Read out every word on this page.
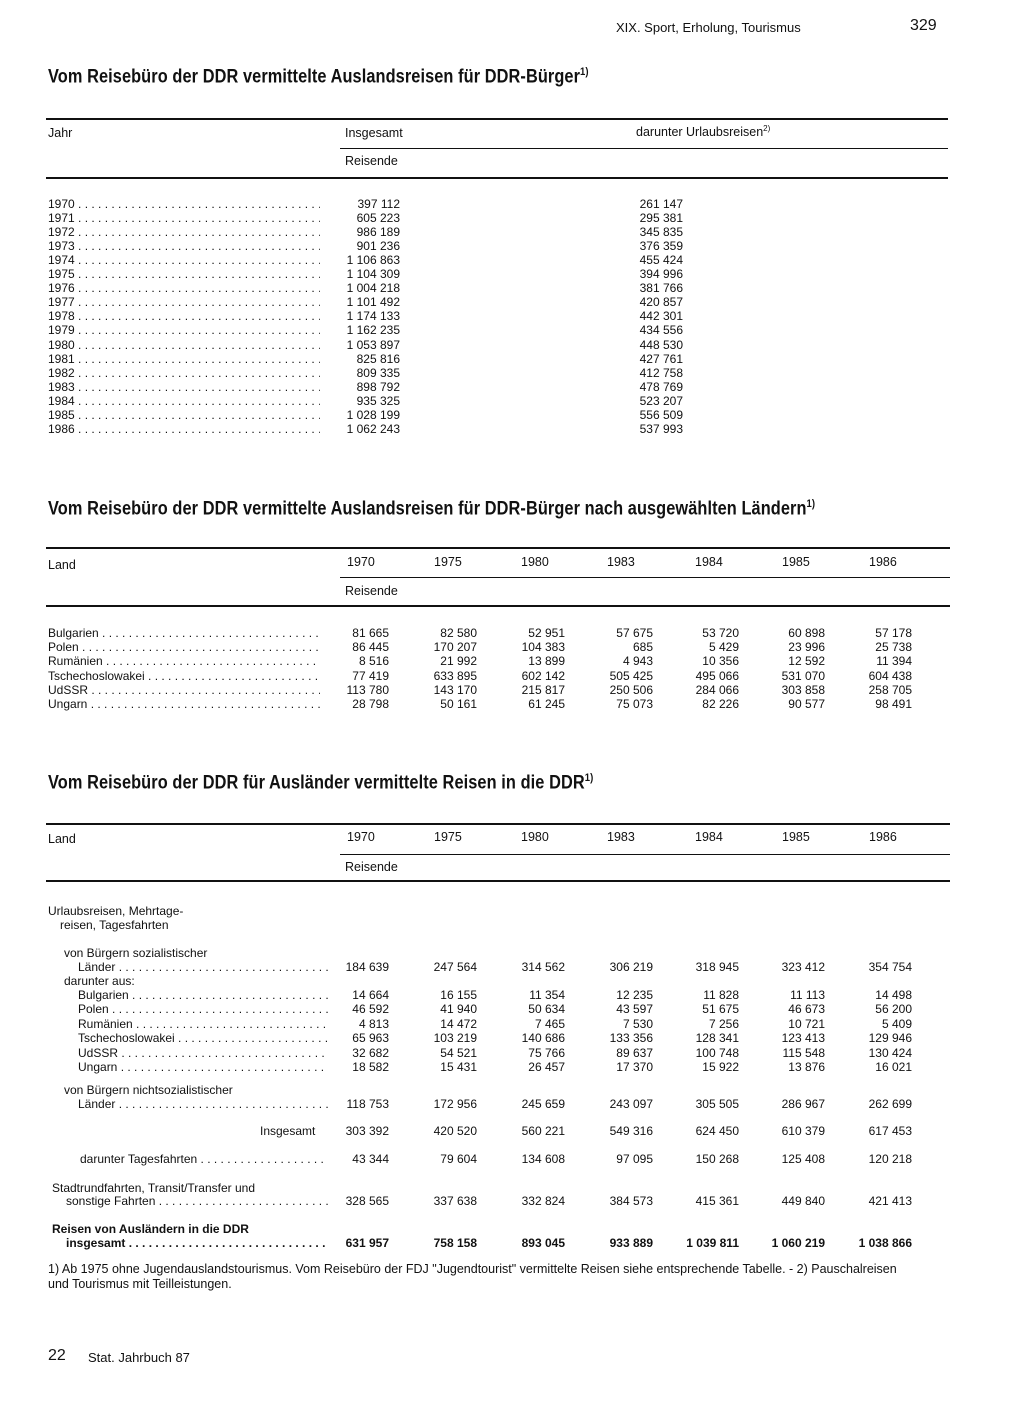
XIX. Sport, Erholung, Tourismus	329
Vom Reisebüro der DDR vermittelte Auslandsreisen für DDR-Bürger$^{1)}$
Jahr	Insgesamt	darunter Urlaubsreisen$^{2)}$
Reisende
1970 . . .	397 112	261 147
1971 . . .	605 223	295 381
1972 . . .	986 189	345 835
1973 . . .	901 236	376 359
1974 . . .	1 106 863	455 424
1975 . . .	1 104 309	394 996
1976 . . .	1 004 218	381 766
1977 . . .	1 101 492	420 857
1978 . . .	1 174 133	442 301
1979 . . .	1 162 235	434 556
1980 . . .	1 053 897	448 530
1981 . . .	825 816	427 761
1982 . . .	809 335	412 758
1983 . . .	898 792	478 769
1984 . . .	935 325	523 207
1985 . . .	1 028 199	556 509
1986 . . .	1 062 243	537 993
Vom Reisebüro der DDR vermittelte Auslandsreisen für DDR-Bürger nach ausgewählten Ländern$^{1)}$
Land	1970	1975	1980	1983	1984	1985	1986
Reisende
Bulgarien . . .	81 665	82 580	52 951	57 675	53 720	60 898	57 178
Polen . . .	86 445	170 207	104 383	685	5 429	23 996	25 738
Rumänien . . .	8 516	21 992	13 899	4 943	10 356	12 592	11 394
Tschechoslowakei . . .	77 419	633 895	602 142	505 425	495 066	531 070	604 438
UdSSR . . .	113 780	143 170	215 817	250 506	284 066	303 858	258 705
Ungarn . . .	28 798	50 161	61 245	75 073	82 226	90 577	98 491
Vom Reisebüro der DDR für Ausländer vermittelte Reisen in die DDR$^{1)}$
Land	1970	1975	1980	1983	1984	1985	1986
Reisende
Urlaubsreisen, Mehrtage-
reisen, Tagesfahrten
von Bürgern sozialistischer
Länder . . .	184 639	247 564	314 562	306 219	318 945	323 412	354 754
darunter aus:
Bulgarien . . .	14 664	16 155	11 354	12 235	11 828	11 113	14 498
Polen . . .	46 592	41 940	50 634	43 597	51 675	46 673	56 200
Rumänien . . .	4 813	14 472	7 465	7 530	7 256	10 721	5 409
Tschechoslowakei . . .	65 963	103 219	140 686	133 356	128 341	123 413	129 946
UdSSR . . .	32 682	54 521	75 766	89 637	100 748	115 548	130 424
Ungarn . . .	18 582	15 431	26 457	17 370	15 922	13 876	16 021
von Bürgern nichtsozialistischer
Länder . . .	118 753	172 956	245 659	243 097	305 505	286 967	262 699
Insgesamt	303 392	420 520	560 221	549 316	624 450	610 379	617 453
darunter Tagesfahrten . . .	43 344	79 604	134 608	97 095	150 268	125 408	120 218
Stadtrundfahrten, Transit/Transfer und
sonstige Fahrten . . .	328 565	337 638	332 824	384 573	415 361	449 840	421 413
Reisen von Ausländern in die DDR
insgesamt . . .	631 957	758 158	893 045	933 889	1 039 811	1 060 219	1 038 866
1) Ab 1975 ohne Jugendauslandstourismus. Vom Reisebüro der FDJ "Jugendtourist" vermittelte Reisen siehe entsprechende Tabelle. - 2) Pauschalreisen
und Tourismus mit Teilleistungen.
22 Stat. Jahrbuch 87
